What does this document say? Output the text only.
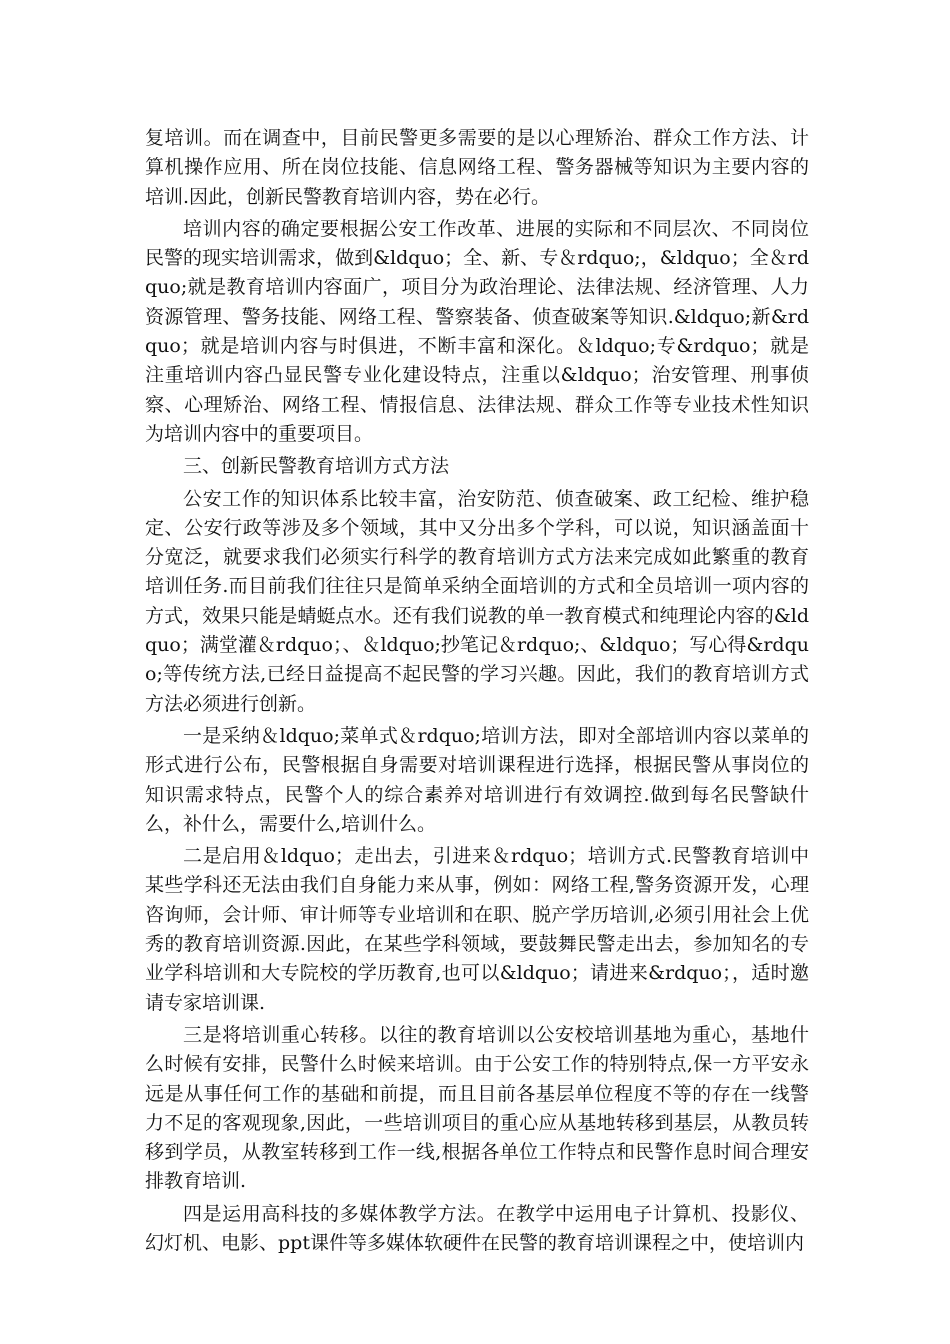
复培训。而在调查中，目前民警更多需要的是以心理矫治、群众工作方法、计算机操作应用、所在岗位技能、信息网络工程、警务器械等知识为主要内容的培训.因此，创新民警教育培训内容，势在必行。

培训内容的确定要根据公安工作改革、进展的实际和不同层次、不同岗位民警的现实培训需求，做到&ldquo；全、新、专＆rdquo;，&ldquo；全＆rdquo;就是教育培训内容面广，项目分为政治理论、法律法规、经济管理、人力资源管理、警务技能、网络工程、警察装备、侦查破案等知识.&ldquo;新&rdquo；就是培训内容与时俱进，不断丰富和深化。＆ldquo;专&rdquo；就是注重培训内容凸显民警专业化建设特点，注重以&ldquo；治安管理、刑事侦察、心理矫治、网络工程、情报信息、法律法规、群众工作等专业技术性知识为培训内容中的重要项目。

三、创新民警教育培训方式方法

公安工作的知识体系比较丰富，治安防范、侦查破案、政工纪检、维护稳定、公安行政等涉及多个领域，其中又分出多个学科，可以说，知识涵盖面十分宽泛，就要求我们必须实行科学的教育培训方式方法来完成如此繁重的教育培训任务.而目前我们往往只是简单采纳全面培训的方式和全员培训一项内容的方式，效果只能是蜻蜓点水。还有我们说教的单一教育模式和纯理论内容的&ldquo；满堂灌＆rdquo；、＆ldquo;抄笔记＆rdquo;、&ldquo；写心得&rdquo;等传统方法,已经日益提高不起民警的学习兴趣。因此，我们的教育培训方式方法必须进行创新。

一是采纳＆ldquo;菜单式＆rdquo;培训方法，即对全部培训内容以菜单的形式进行公布，民警根据自身需要对培训课程进行选择，根据民警从事岗位的知识需求特点，民警个人的综合素养对培训进行有效调控.做到每名民警缺什么，补什么，需要什么,培训什么。

二是启用＆ldquo；走出去，引进来＆rdquo；培训方式.民警教育培训中某些学科还无法由我们自身能力来从事，例如：网络工程,警务资源开发，心理咨询师，会计师、审计师等专业培训和在职、脱产学历培训,必须引用社会上优秀的教育培训资源.因此，在某些学科领域，要鼓舞民警走出去，参加知名的专业学科培训和大专院校的学历教育,也可以&ldquo；请进来&rdquo；，适时邀请专家培训课.

三是将培训重心转移。以往的教育培训以公安校培训基地为重心，基地什么时候有安排，民警什么时候来培训。由于公安工作的特别特点,保一方平安永远是从事任何工作的基础和前提，而且目前各基层单位程度不等的存在一线警力不足的客观现象,因此，一些培训项目的重心应从基地转移到基层，从教员转移到学员，从教室转移到工作一线,根据各单位工作特点和民警作息时间合理安排教育培训.

四是运用高科技的多媒体教学方法。在教学中运用电子计算机、投影仪、幻灯机、电影、ppt课件等多媒体软硬件在民警的教育培训课程之中，使培训内
